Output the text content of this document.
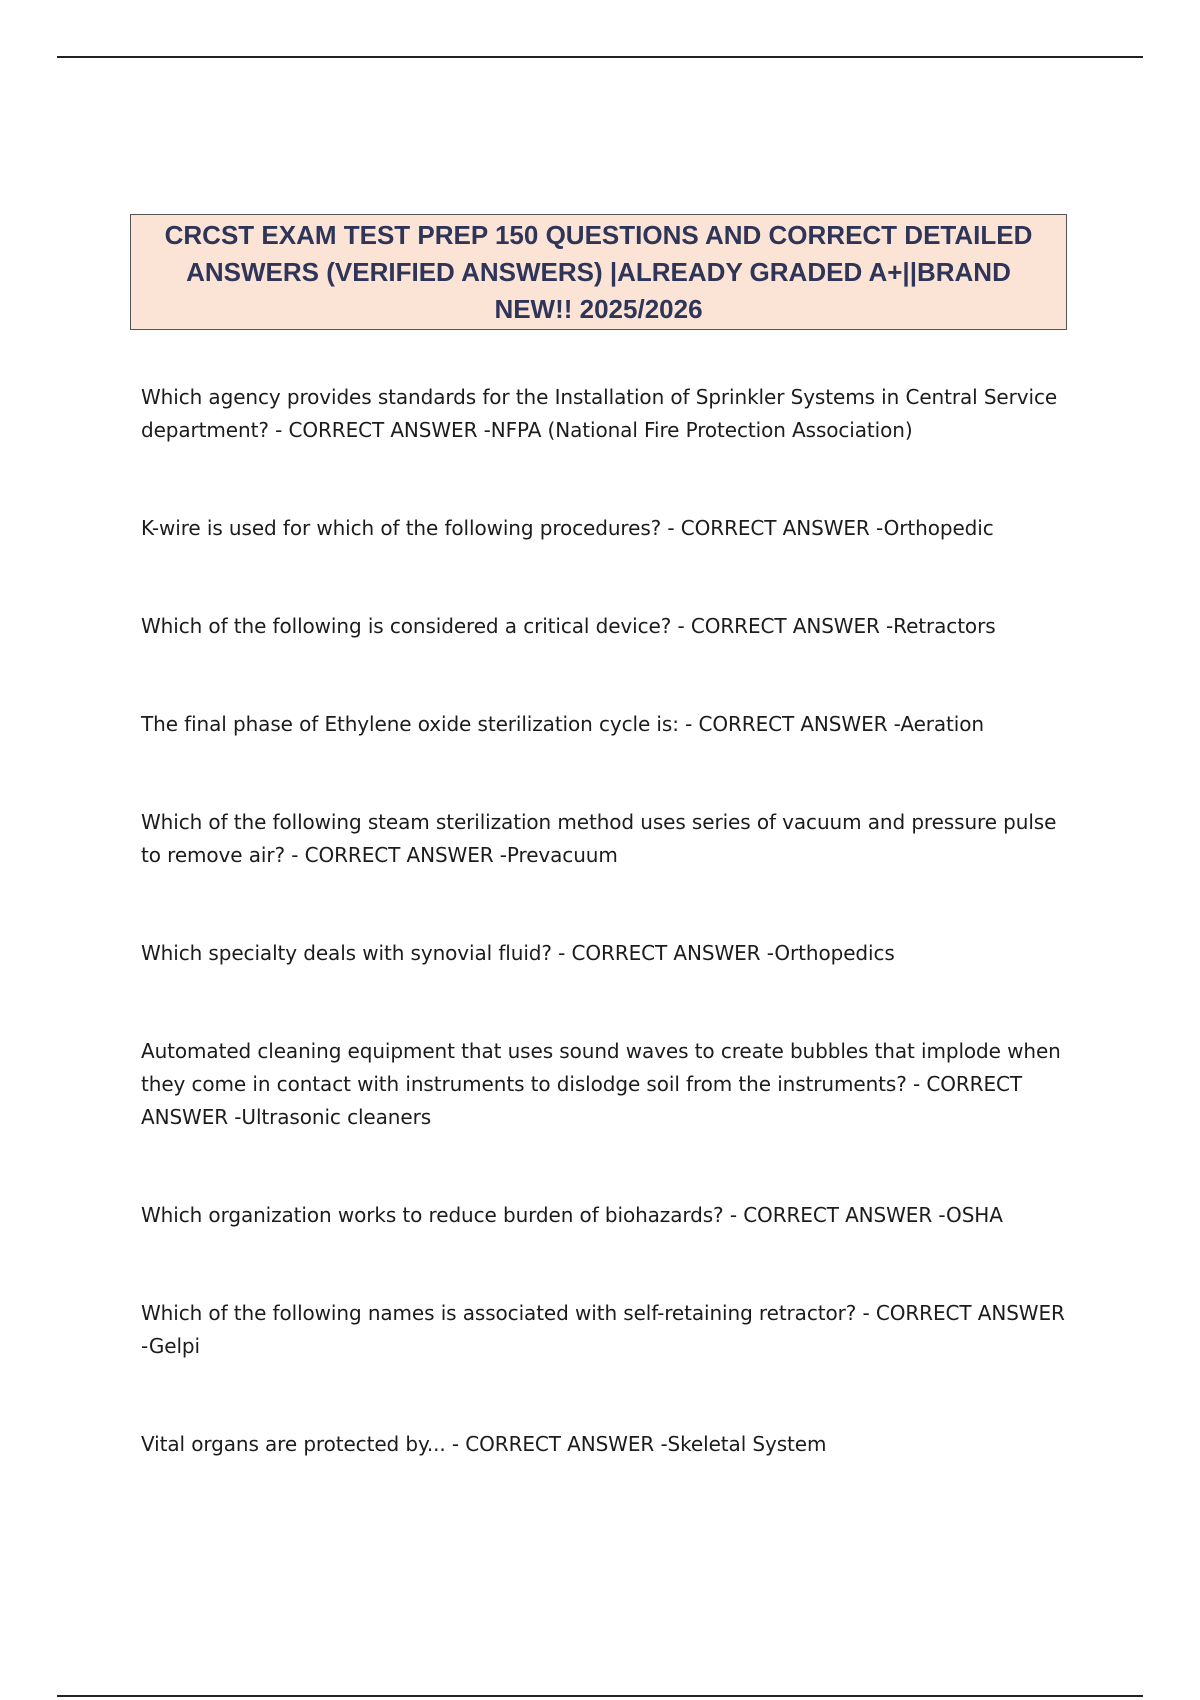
CRCST EXAM TEST PREP 150 QUESTIONS AND CORRECT DETAILED ANSWERS (VERIFIED ANSWERS) |ALREADY GRADED A+||BRAND NEW!! 2025/2026

Which agency provides standards for the Installation of Sprinkler Systems in Central Service department? - CORRECT ANSWER -NFPA (National Fire Protection Association)

K-wire is used for which of the following procedures? - CORRECT ANSWER -Orthopedic

Which of the following is considered a critical device? - CORRECT ANSWER -Retractors

The final phase of Ethylene oxide sterilization cycle is: - CORRECT ANSWER -Aeration

Which of the following steam sterilization method uses series of vacuum and pressure pulse to remove air? - CORRECT ANSWER -Prevacuum

Which specialty deals with synovial fluid? - CORRECT ANSWER -Orthopedics

Automated cleaning equipment that uses sound waves to create bubbles that implode when they come in contact with instruments to dislodge soil from the instruments? - CORRECT ANSWER -Ultrasonic cleaners

Which organization works to reduce burden of biohazards? - CORRECT ANSWER -OSHA

Which of the following names is associated with self-retaining retractor? - CORRECT ANSWER -Gelpi

Vital organs are protected by... - CORRECT ANSWER -Skeletal System
